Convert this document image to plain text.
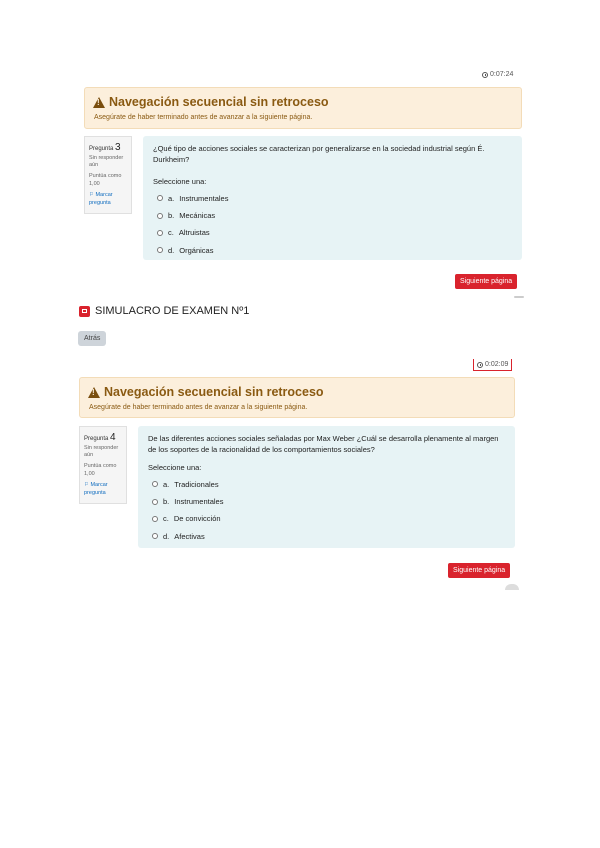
0:07:24
!
Navegación secuencial sin retroceso
Asegúrate de haber terminado antes de avanzar a la siguiente página.
Pregunta 3
Sin responder aún
Puntúa como 1,00
⚐ Marcar pregunta
¿Qué tipo de acciones sociales se caracterizan por generalizarse en la sociedad industrial según É. Durkheim?
Seleccione una:
a. Instrumentales
b. Mecánicas
c. Altruistas
d. Orgánicas
Siguiente página
SIMULACRO DE EXAMEN Nº1
Atrás
0:02:09
!
Navegación secuencial sin retroceso
Asegúrate de haber terminado antes de avanzar a la siguiente página.
Pregunta 4
Sin responder aún
Puntúa como 1,00
⚐ Marcar pregunta
De las diferentes acciones sociales señaladas por Max Weber ¿Cuál se desarrolla plenamente al margen de los soportes de la racionalidad de los comportamientos sociales?
Seleccione una:
a. Tradicionales
b. Instrumentales
c. De convicción
d. Afectivas
Siguiente página
